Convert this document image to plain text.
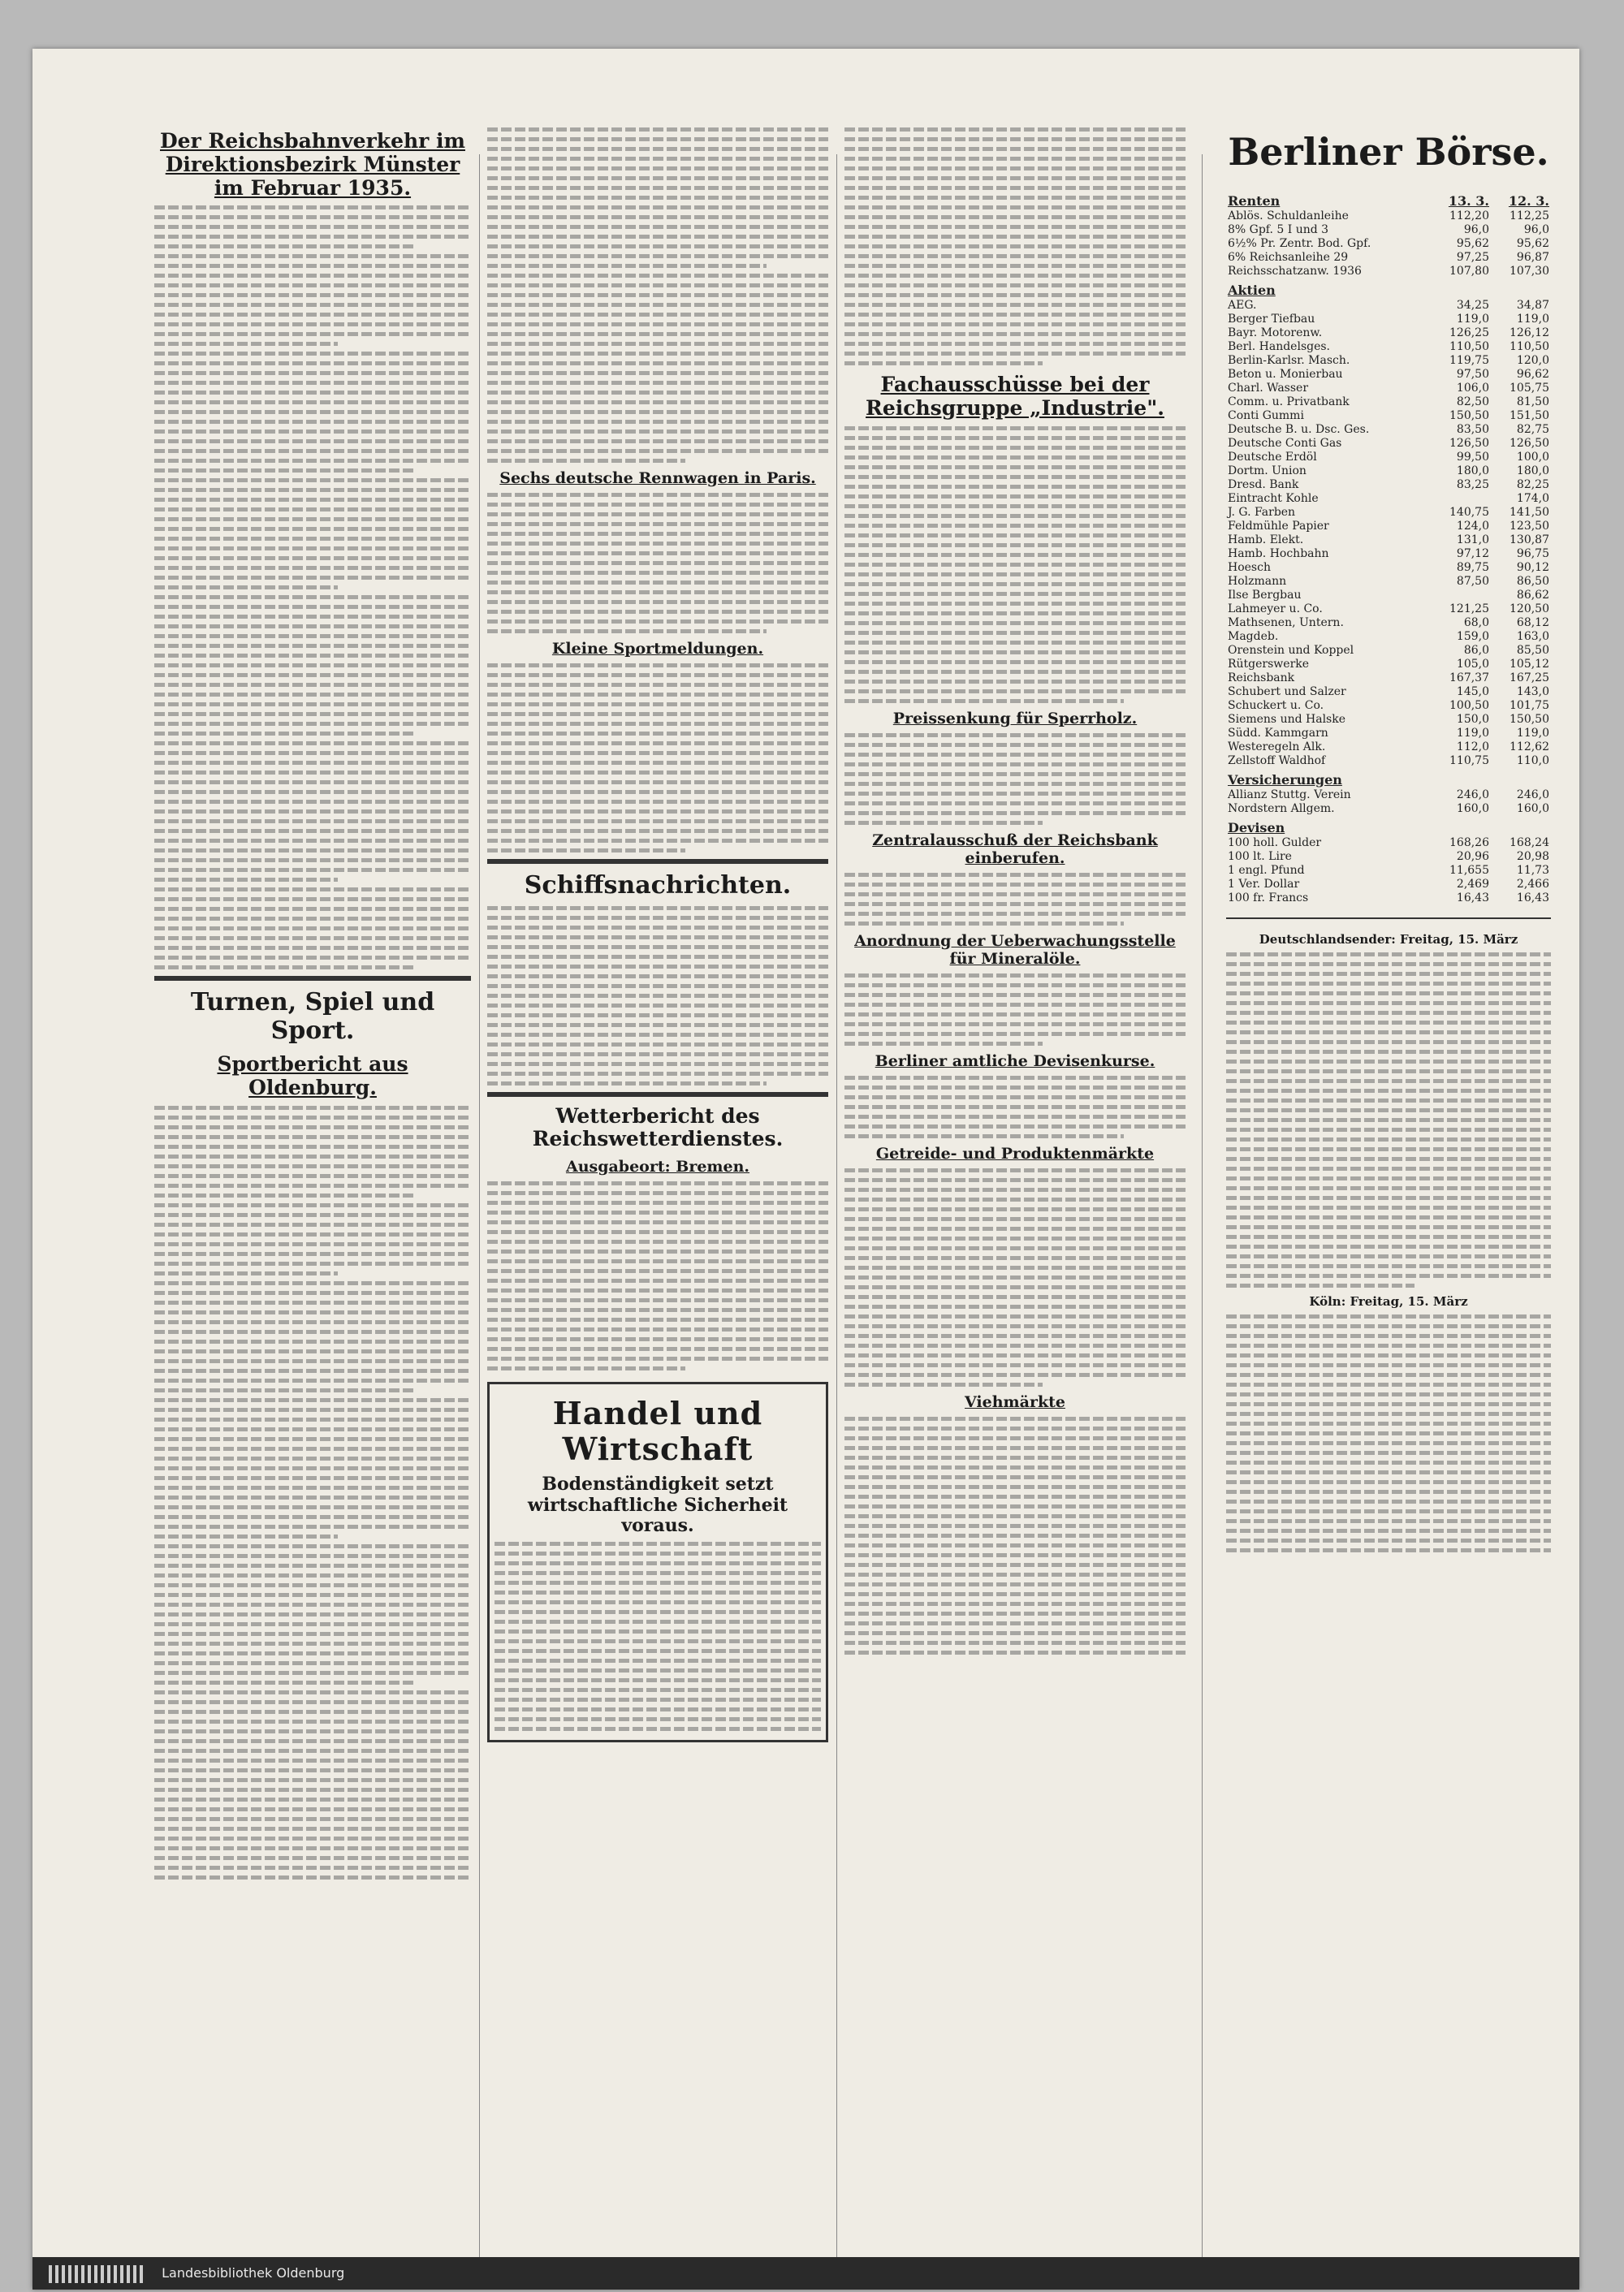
Der Reichsbahnverkehr im Direktionsbezirk Münster im Februar 1935.
Turnen, Spiel und Sport.
Sportbericht aus Oldenburg.
Sechs deutsche Rennwagen in Paris.
Kleine Sportmeldungen.
Schiffsnachrichten.
Wetterbericht des Reichswetterdienstes.
Ausgabeort: Bremen.
Handel und Wirtschaft
Bodenständigkeit setzt wirtschaftliche Sicherheit voraus.
Fachausschüsse bei der Reichsgruppe „Industrie".
Preissenkung für Sperrholz.
Zentralausschuß der Reichsbank einberufen.
Anordnung der Ueberwachungsstelle für Mineralöle.
Berliner amtliche Devisenkurse.
Getreide- und Produktenmärkte
Viehmärkte
Berliner Börse.
Renten	13. 3.	12. 3.
Ablös. Schuldanleihe	112,20	112,25
8% Gpf. 5 I und 3	96,0	96,0
6½% Pr. Zentr. Bod. Gpf.	95,62	95,62
6% Reichsanleihe 29	97,25	96,87
Reichsschatzanw. 1936	107,80	107,30
Aktien		
AEG.	34,25	34,87
Berger Tiefbau	119,0	119,0
Bayr. Motorenw.	126,25	126,12
Berl. Handelsges.	110,50	110,50
Berlin-Karlsr. Masch.	119,75	120,0
Beton u. Monierbau	97,50	96,62
Charl. Wasser	106,0	105,75
Comm. u. Privatbank	82,50	81,50
Conti Gummi	150,50	151,50
Deutsche B. u. Dsc. Ges.	83,50	82,75
Deutsche Conti Gas	126,50	126,50
Deutsche Erdöl	99,50	100,0
Dortm. Union	180,0	180,0
Dresd. Bank	83,25	82,25
Eintracht Kohle		174,0
J. G. Farben	140,75	141,50
Feldmühle Papier	124,0	123,50
Hamb. Elekt.	131,0	130,87
Hamb. Hochbahn	97,12	96,75
Hoesch	89,75	90,12
Holzmann	87,50	86,50
Ilse Bergbau		86,62
Lahmeyer u. Co.	121,25	120,50
Mathsenen, Untern.	68,0	68,12
Magdeb.	159,0	163,0
Orenstein und Koppel	86,0	85,50
Rütgerswerke	105,0	105,12
Reichsbank	167,37	167,25
Schubert und Salzer	145,0	143,0
Schuckert u. Co.	100,50	101,75
Siemens und Halske	150,0	150,50
Südd. Kammgarn	119,0	119,0
Westeregeln Alk.	112,0	112,62
Zellstoff Waldhof	110,75	110,0
Versicherungen		
Allianz Stuttg. Verein	246,0	246,0
Nordstern Allgem.	160,0	160,0
Devisen		
100 holl. Gulder	168,26	168,24
100 lt. Lire	20,96	20,98
1 engl. Pfund	11,655	11,73
1 Ver. Dollar	2,469	2,466
100 fr. Francs	16,43	16,43
Deutschlandsender: Freitag, 15. März
Köln: Freitag, 15. März
Landesbibliothek Oldenburg
